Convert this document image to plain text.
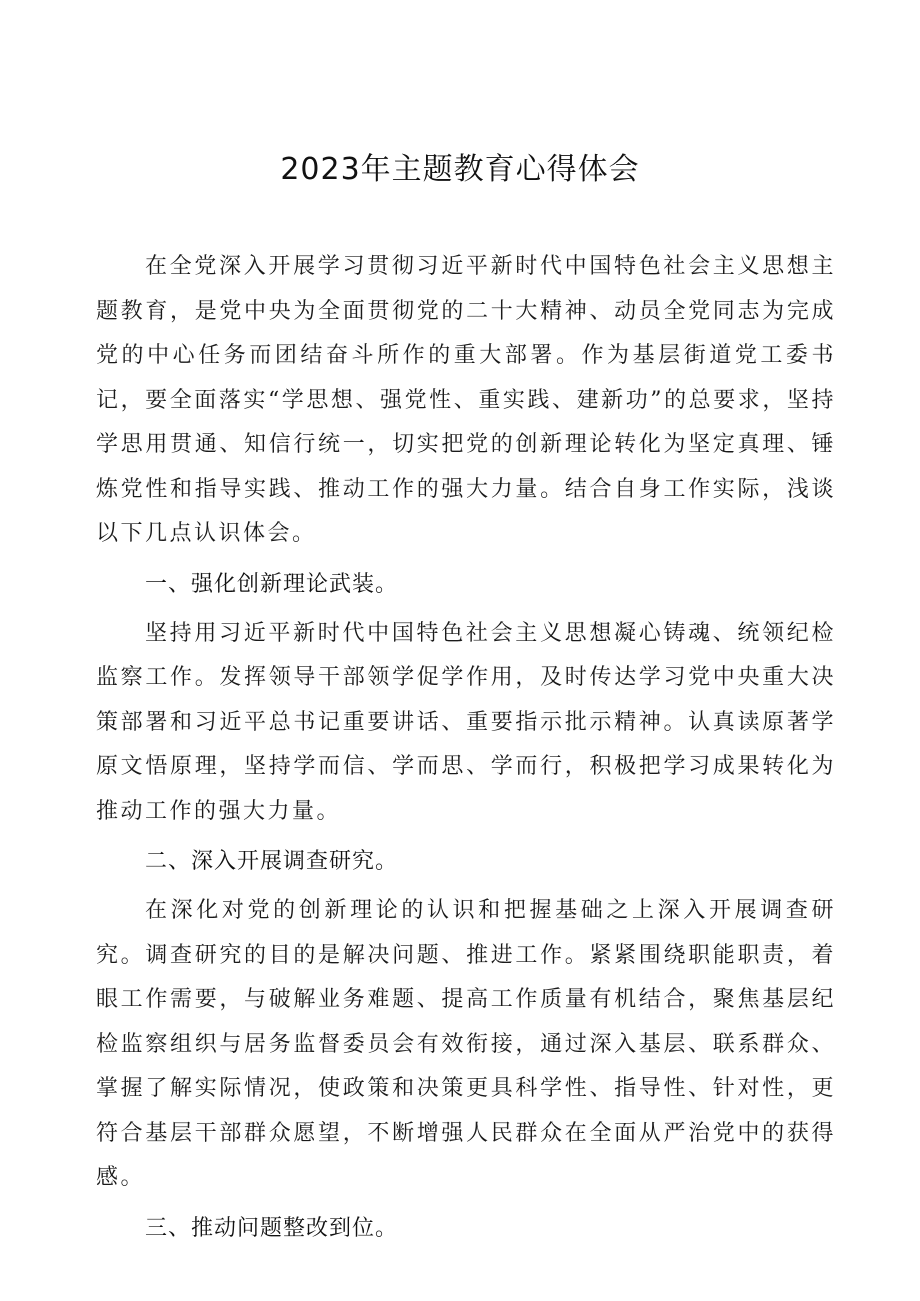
2023年主题教育心得体会

在全党深入开展学习贯彻习近平新时代中国特色社会主义思想主题教育，是党中央为全面贯彻党的二十大精神、动员全党同志为完成党的中心任务而团结奋斗所作的重大部署。作为基层街道党工委书记，要全面落实“学思想、强党性、重实践、建新功”的总要求，坚持学思用贯通、知信行统一，切实把党的创新理论转化为坚定真理、锤炼党性和指导实践、推动工作的强大力量。结合自身工作实际，浅谈以下几点认识体会。

一、强化创新理论武装。

坚持用习近平新时代中国特色社会主义思想凝心铸魂、统领纪检监察工作。发挥领导干部领学促学作用，及时传达学习党中央重大决策部署和习近平总书记重要讲话、重要指示批示精神。认真读原著学原文悟原理，坚持学而信、学而思、学而行，积极把学习成果转化为推动工作的强大力量。

二、深入开展调查研究。

在深化对党的创新理论的认识和把握基础之上深入开展调查研究。调查研究的目的是解决问题、推进工作。紧紧围绕职能职责，着眼工作需要，与破解业务难题、提高工作质量有机结合，聚焦基层纪检监察组织与居务监督委员会有效衔接，通过深入基层、联系群众、掌握了解实际情况，使政策和决策更具科学性、指导性、针对性，更符合基层干部群众愿望，不断增强人民群众在全面从严治党中的获得感。

三、推动问题整改到位。
